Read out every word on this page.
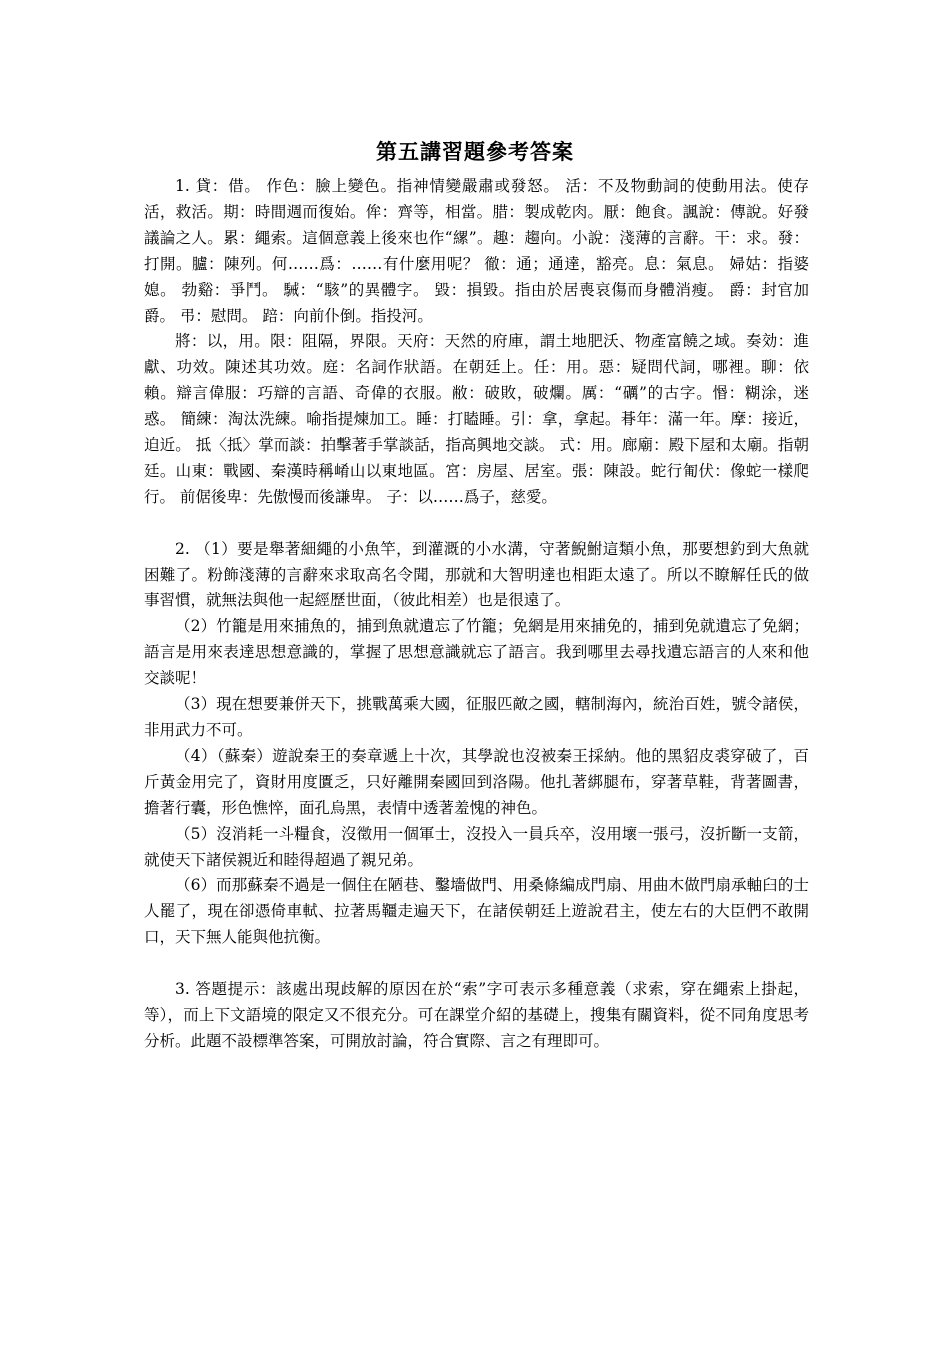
第五講習題參考答案

1. 貸：借。 作色：臉上變色。指神情變嚴肅或發怒。 活：不及物動詞的使動用法。使存活，救活。期：時間週而復始。侔：齊等，相當。腊：製成乾肉。厭：飽食。諷說：傳說。好發議論之人。累：繩索。這個意義上後來也作“縲”。趣：趨向。小說：淺薄的言辭。干：求。發：打開。臚：陳列。何……爲：……有什麼用呢？ 徹：通；通達，豁亮。息：氣息。 婦姑：指婆媳。 勃谿：爭鬥。 駴：“駭”的異體字。 毀：損毀。指由於居喪哀傷而身體消瘦。 爵：封官加爵。 弔：慰問。 踣：向前仆倒。指投河。

將：以，用。限：阻隔，界限。天府：天然的府庫，謂土地肥沃、物產富饒之域。奏効：進獻、功效。陳述其功效。庭：名詞作狀語。在朝廷上。任：用。惡：疑問代詞，哪裡。聊：依賴。辯言偉服：巧辯的言語、奇偉的衣服。敝：破敗，破爛。厲：“礪”的古字。惽：糊涂，迷惑。 簡練：淘汰洗練。喻指提煉加工。睡：打瞌睡。引：拿，拿起。朞年：滿一年。摩：接近，迫近。 抵〈抵〉掌而談：拍擊著手掌談話，指高興地交談。 式：用。廊廟：殿下屋和太廟。指朝廷。山東：戰國、秦漢時稱崤山以東地區。宮：房屋、居室。張：陳設。蛇行匍伏：像蛇一樣爬行。 前倨後卑：先傲慢而後謙卑。 子：以……爲子，慈愛。

2. （1）要是舉著細繩的小魚竿，到灌溉的小水溝，守著鯢鮒這類小魚，那要想釣到大魚就困難了。粉飾淺薄的言辭來求取高名令聞，那就和大智明達也相距太遠了。所以不瞭解任氏的做事習慣，就無法與他一起經歷世面，（彼此相差）也是很遠了。

（2）竹籠是用來捕魚的，捕到魚就遺忘了竹籠；免網是用來捕免的，捕到免就遺忘了免網；語言是用來表達思想意識的，掌握了思想意識就忘了語言。我到哪里去尋找遺忘語言的人來和他交談呢！

（3）現在想要兼併天下，挑戰萬乘大國，征服匹敵之國，轄制海內，統治百姓，號令諸侯，非用武力不可。

（4）（蘇秦）遊說秦王的奏章遞上十次，其學說也沒被秦王採納。他的黑貂皮裘穿破了，百斤黃金用完了，資財用度匱乏，只好離開秦國回到洛陽。他扎著綁腿布，穿著草鞋，背著圖書，擔著行囊，形色憔悴，面孔烏黑，表情中透著羞愧的神色。

（5）沒消耗一斗糧食，沒徵用一個軍士，沒投入一員兵卒，沒用壞一張弓，沒折斷一支箭，就使天下諸侯親近和睦得超過了親兄弟。

（6）而那蘇秦不過是一個住在陋巷、鑿墻做門、用桑條編成門扇、用曲木做門扇承軸臼的士人罷了，現在卻憑倚車軾、拉著馬韁走遍天下，在諸侯朝廷上遊說君主，使左右的大臣們不敢開口，天下無人能與他抗衡。

3. 答題提示：該處出現歧解的原因在於“索”字可表示多種意義（求索，穿在繩索上掛起，等），而上下文語境的限定又不很充分。可在課堂介紹的基礎上，搜集有關資料，從不同角度思考分析。此題不設標準答案，可開放討論，符合實際、言之有理即可。
